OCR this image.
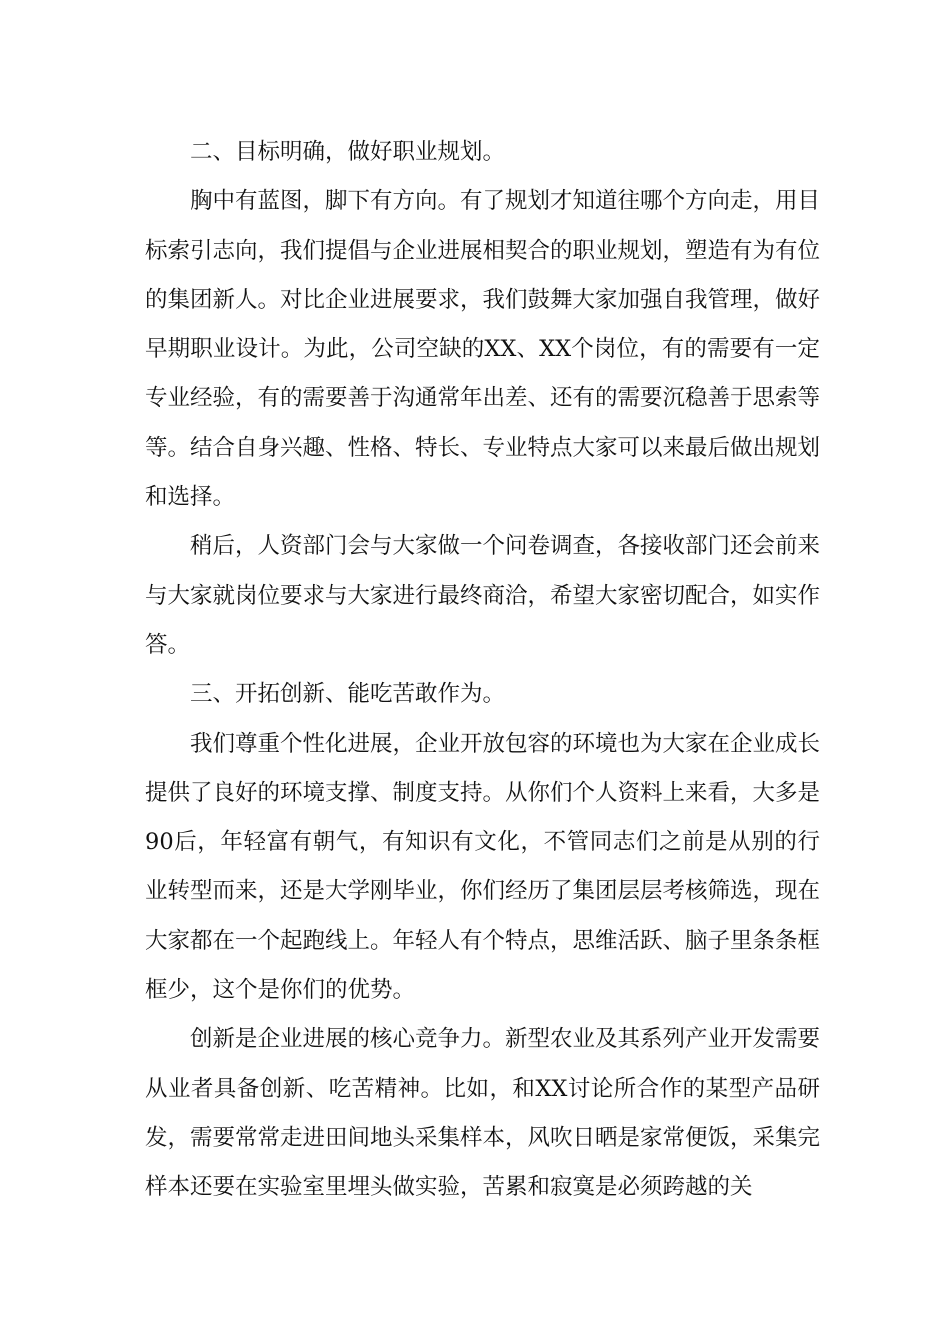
二、目标明确，做好职业规划。

胸中有蓝图，脚下有方向。有了规划才知道往哪个方向走，用目标索引志向，我们提倡与企业进展相契合的职业规划，塑造有为有位的集团新人。对比企业进展要求，我们鼓舞大家加强自我管理，做好早期职业设计。为此，公司空缺的XX、XX个岗位，有的需要有一定专业经验，有的需要善于沟通常年出差、还有的需要沉稳善于思索等等。结合自身兴趣、性格、特长、专业特点大家可以来最后做出规划和选择。

稍后，人资部门会与大家做一个问卷调查，各接收部门还会前来与大家就岗位要求与大家进行最终商洽，希望大家密切配合，如实作答。

三、开拓创新、能吃苦敢作为。

我们尊重个性化进展，企业开放包容的环境也为大家在企业成长提供了良好的环境支撑、制度支持。从你们个人资料上来看，大多是90后，年轻富有朝气，有知识有文化，不管同志们之前是从别的行业转型而来，还是大学刚毕业，你们经历了集团层层考核筛选，现在大家都在一个起跑线上。年轻人有个特点，思维活跃、脑子里条条框框少，这个是你们的优势。

创新是企业进展的核心竞争力。新型农业及其系列产业开发需要从业者具备创新、吃苦精神。比如，和XX讨论所合作的某型产品研发，需要常常走进田间地头采集样本，风吹日晒是家常便饭，采集完样本还要在实验室里埋头做实验，苦累和寂寞是必须跨越的关
